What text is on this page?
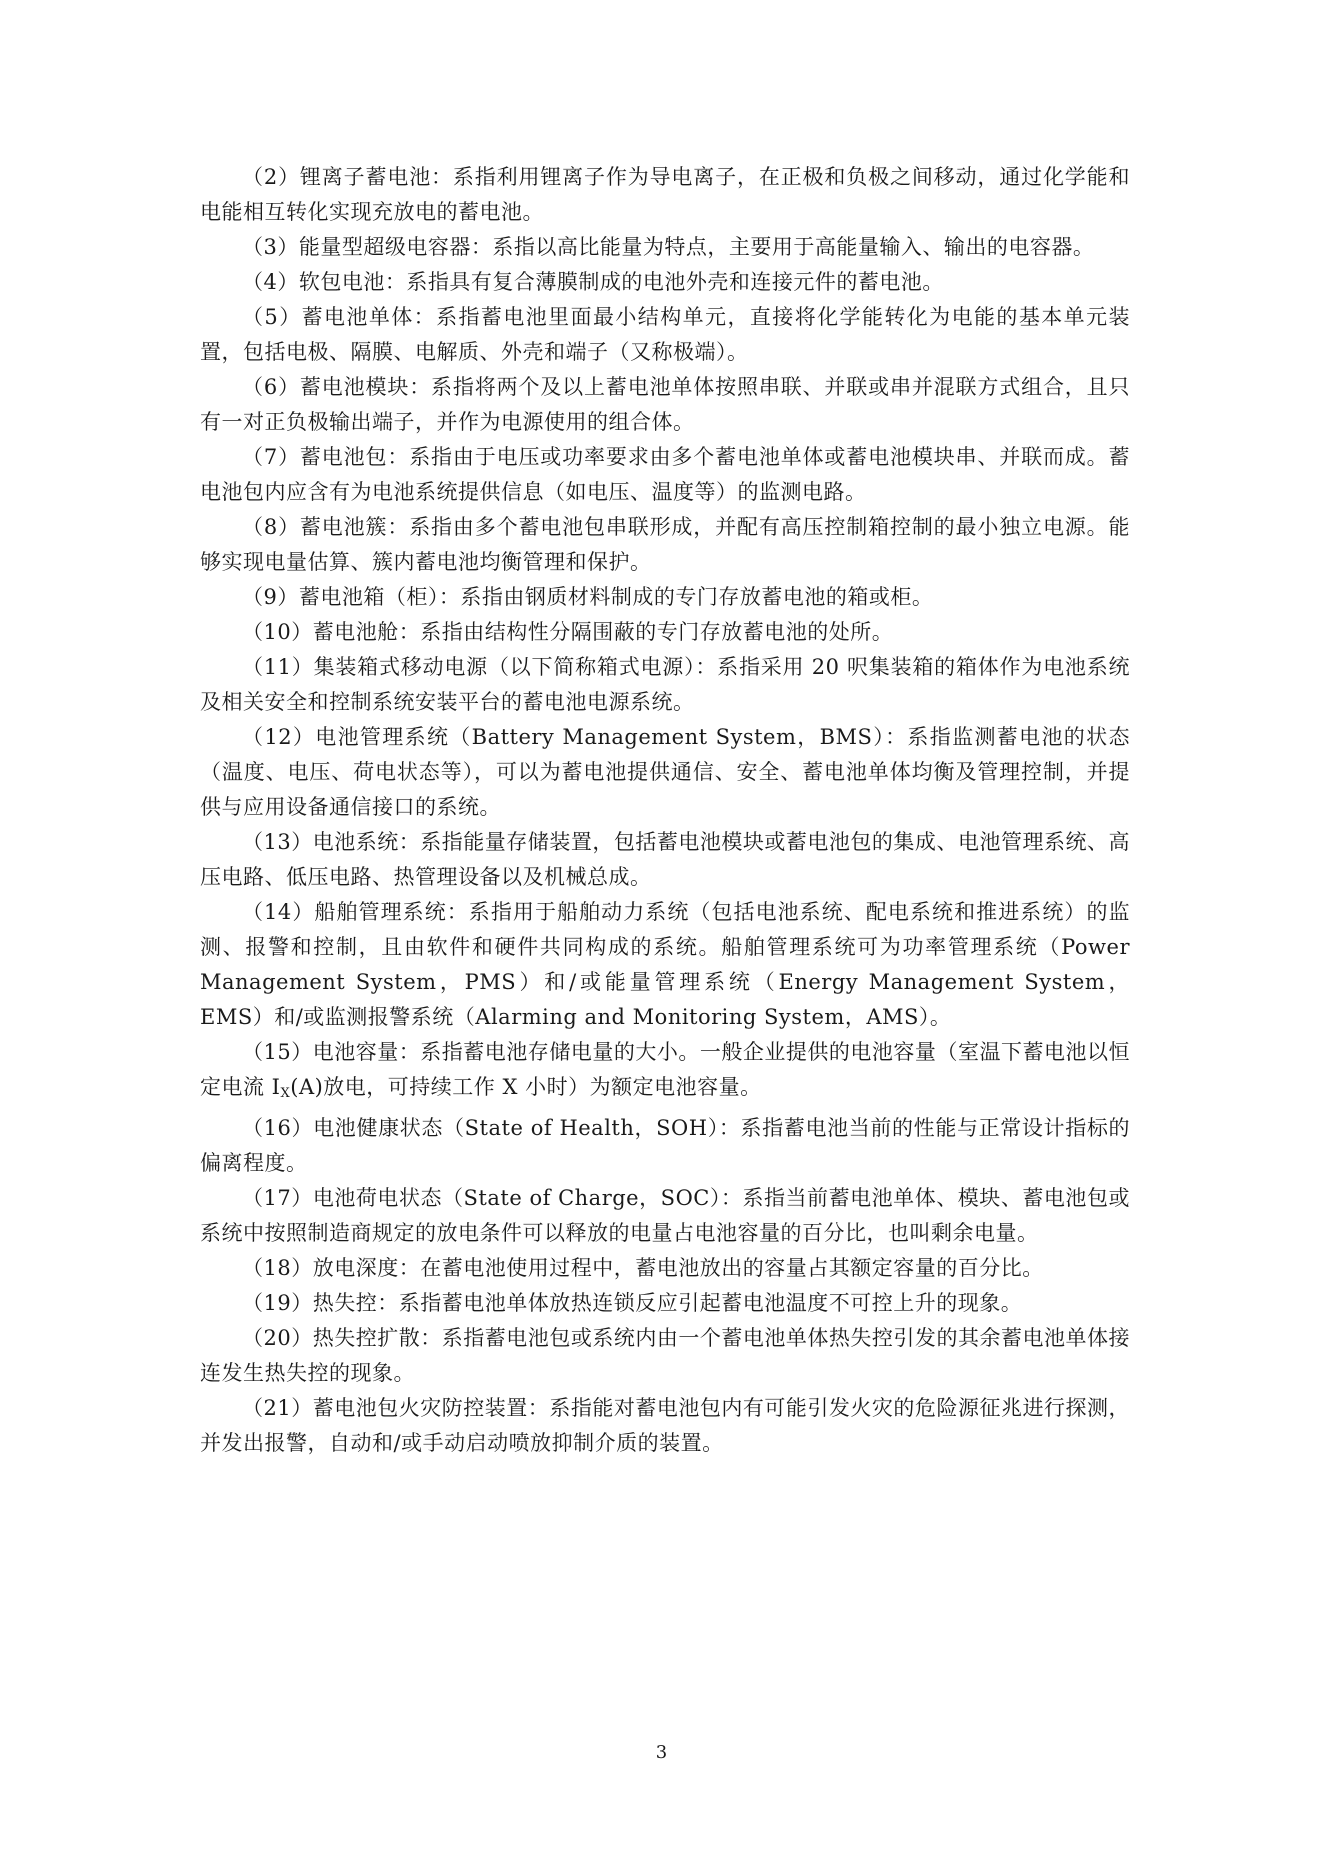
（2）锂离子蓄电池：系指利用锂离子作为导电离子，在正极和负极之间移动，通过化学能和电能相互转化实现充放电的蓄电池。

（3）能量型超级电容器：系指以高比能量为特点，主要用于高能量输入、输出的电容器。

（4）软包电池：系指具有复合薄膜制成的电池外壳和连接元件的蓄电池。

（5）蓄电池单体：系指蓄电池里面最小结构单元，直接将化学能转化为电能的基本单元装置，包括电极、隔膜、电解质、外壳和端子（又称极端）。

（6）蓄电池模块：系指将两个及以上蓄电池单体按照串联、并联或串并混联方式组合，且只有一对正负极输出端子，并作为电源使用的组合体。

（7）蓄电池包：系指由于电压或功率要求由多个蓄电池单体或蓄电池模块串、并联而成。蓄电池包内应含有为电池系统提供信息（如电压、温度等）的监测电路。

（8）蓄电池簇：系指由多个蓄电池包串联形成，并配有高压控制箱控制的最小独立电源。能够实现电量估算、簇内蓄电池均衡管理和保护。

（9）蓄电池箱（柜）：系指由钢质材料制成的专门存放蓄电池的箱或柜。

（10）蓄电池舱：系指由结构性分隔围蔽的专门存放蓄电池的处所。

（11）集装箱式移动电源（以下简称箱式电源）：系指采用 20 呎集装箱的箱体作为电池系统及相关安全和控制系统安装平台的蓄电池电源系统。

（12）电池管理系统（Battery Management System，BMS）：系指监测蓄电池的状态（温度、电压、荷电状态等），可以为蓄电池提供通信、安全、蓄电池单体均衡及管理控制，并提供与应用设备通信接口的系统。

（13）电池系统：系指能量存储装置，包括蓄电池模块或蓄电池包的集成、电池管理系统、高压电路、低压电路、热管理设备以及机械总成。

（14）船舶管理系统：系指用于船舶动力系统（包括电池系统、配电系统和推进系统）的监测、报警和控制，且由软件和硬件共同构成的系统。船舶管理系统可为功率管理系统（Power Management System，PMS）和/或能量管理系统（Energy Management System，EMS）和/或监测报警系统（Alarming and Monitoring System，AMS）。

（15）电池容量：系指蓄电池存储电量的大小。一般企业提供的电池容量（室温下蓄电池以恒定电流 $I_X(A)$放电，可持续工作 X 小时）为额定电池容量。

（16）电池健康状态（State of Health，SOH）：系指蓄电池当前的性能与正常设计指标的偏离程度。

（17）电池荷电状态（State of Charge，SOC）：系指当前蓄电池单体、模块、蓄电池包或系统中按照制造商规定的放电条件可以释放的电量占电池容量的百分比，也叫剩余电量。

（18）放电深度：在蓄电池使用过程中，蓄电池放出的容量占其额定容量的百分比。

（19）热失控：系指蓄电池单体放热连锁反应引起蓄电池温度不可控上升的现象。

（20）热失控扩散：系指蓄电池包或系统内由一个蓄电池单体热失控引发的其余蓄电池单体接连发生热失控的现象。

（21）蓄电池包火灾防控装置：系指能对蓄电池包内有可能引发火灾的危险源征兆进行探测，并发出报警，自动和/或手动启动喷放抑制介质的装置。

3
